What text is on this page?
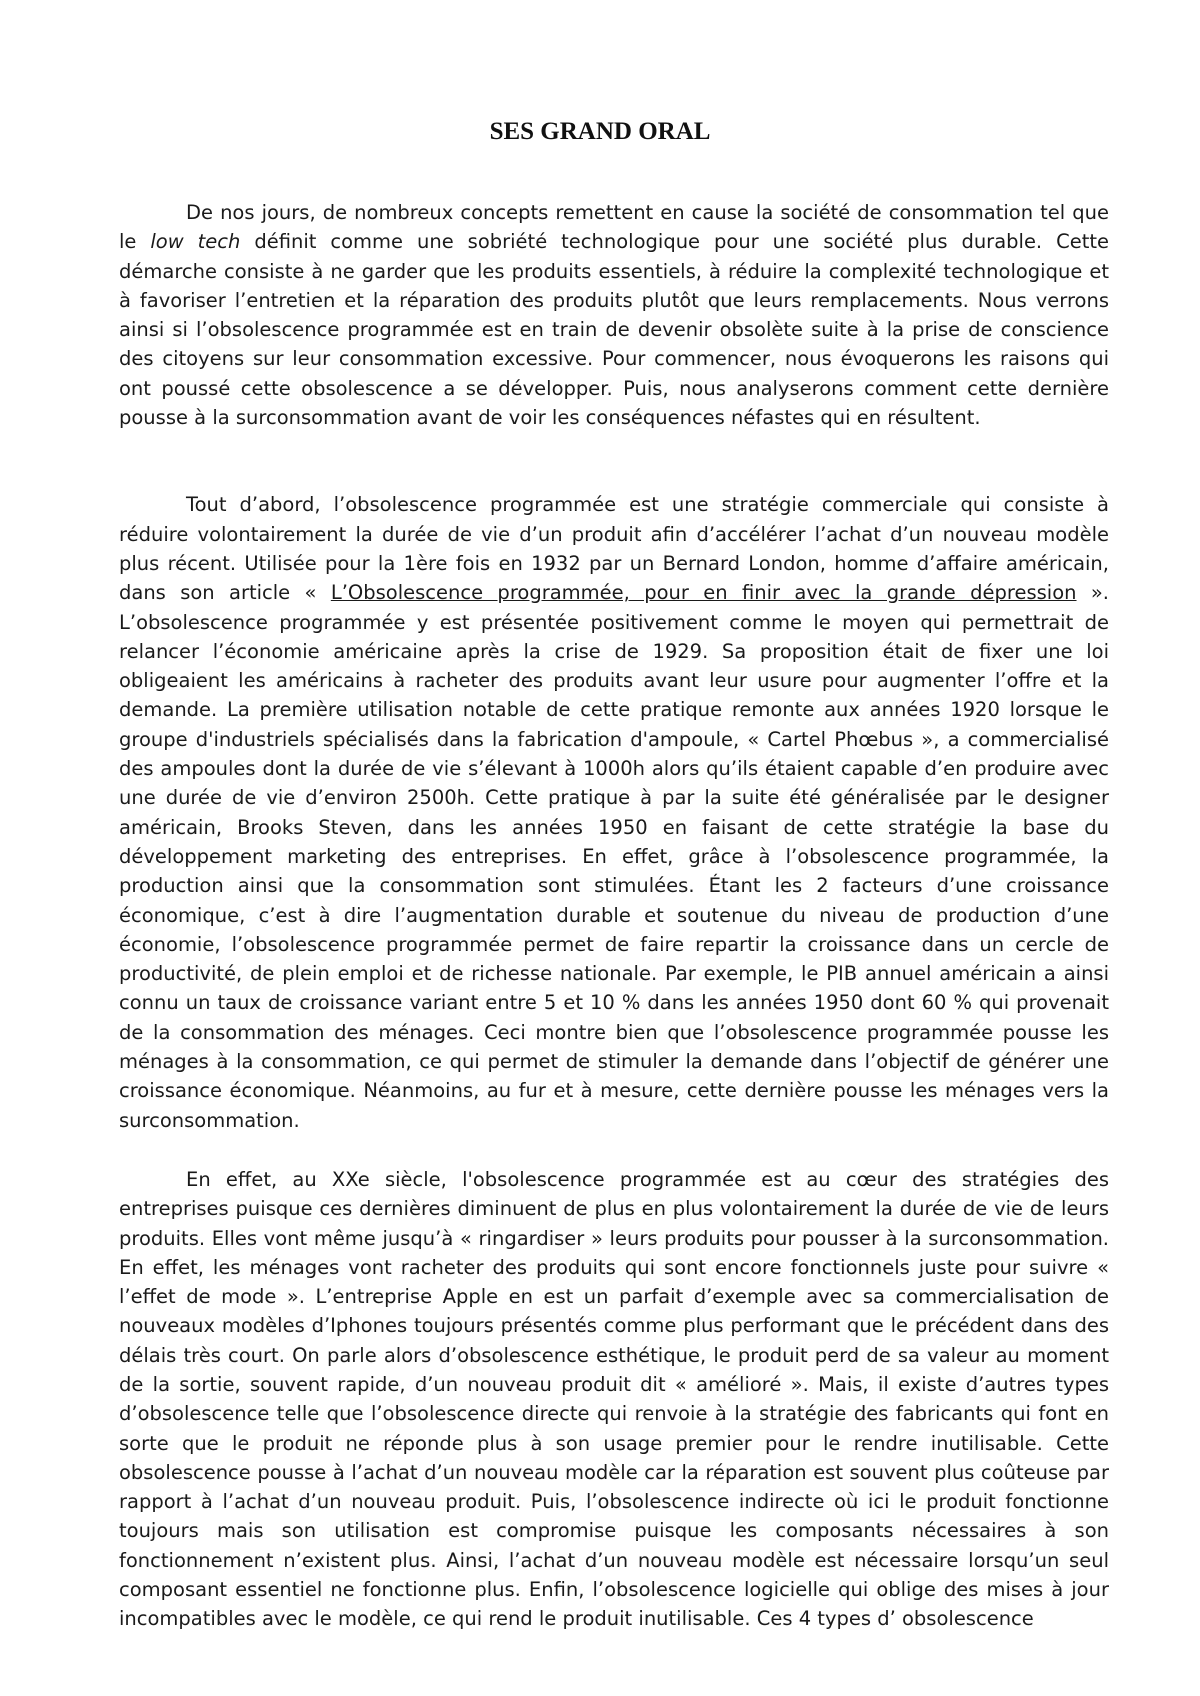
SES GRAND ORAL

De nos jours, de nombreux concepts remettent en cause la société de consommation tel que le low tech définit comme une sobriété technologique pour une société plus durable. Cette démarche consiste à ne garder que les produits essentiels, à réduire la complexité technologique et à favoriser l’entretien et la réparation des produits plutôt que leurs remplacements. Nous verrons ainsi si l’obsolescence programmée est en train de devenir obsolète suite à la prise de conscience des citoyens sur leur consommation excessive. Pour commencer, nous évoquerons les raisons qui ont poussé cette obsolescence a se développer. Puis, nous analyserons comment cette dernière pousse à la surconsommation avant de voir les conséquences néfastes qui en résultent.

Tout d’abord, l’obsolescence programmée est une stratégie commerciale qui consiste à réduire volontairement la durée de vie d’un produit afin d’accélérer l’achat d’un nouveau modèle plus récent. Utilisée pour la 1ère fois en 1932 par un Bernard London, homme d’affaire américain, dans son article « L’Obsolescence programmée, pour en finir avec la grande dépression ». L’obsolescence programmée y est présentée positivement comme le moyen qui permettrait de relancer l’économie américaine après la crise de 1929. Sa proposition était de fixer une loi obligeaient les américains à racheter des produits avant leur usure pour augmenter l’offre et la demande. La première utilisation notable de cette pratique remonte aux années 1920 lorsque le groupe d'industriels spécialisés dans la fabrication d'ampoule, « Cartel Phœbus », a commercialisé des ampoules dont la durée de vie s’élevant à 1000h alors qu’ils étaient capable d’en produire avec une durée de vie d’environ 2500h. Cette pratique à par la suite été généralisée par le designer américain, Brooks Steven, dans les années 1950 en faisant de cette stratégie la base du développement marketing des entreprises. En effet, grâce à l’obsolescence programmée, la production ainsi que la consommation sont stimulées. Étant les 2 facteurs d’une croissance économique, c’est à dire l’augmentation durable et soutenue du niveau de production d’une économie, l’obsolescence programmée permet de faire repartir la croissance dans un cercle de productivité, de plein emploi et de richesse nationale. Par exemple, le PIB annuel américain a ainsi connu un taux de croissance variant entre 5 et 10 % dans les années 1950 dont 60 % qui provenait de la consommation des ménages. Ceci montre bien que l’obsolescence programmée pousse les ménages à la consommation, ce qui permet de stimuler la demande dans l’objectif de générer une croissance économique. Néanmoins, au fur et à mesure, cette dernière pousse les ménages vers la surconsommation.

En effet, au XXe siècle, l'obsolescence programmée est au cœur des stratégies des entreprises puisque ces dernières diminuent de plus en plus volontairement la durée de vie de leurs produits. Elles vont même jusqu’à « ringardiser » leurs produits pour pousser à la surconsommation. En effet, les ménages vont racheter des produits qui sont encore fonctionnels juste pour suivre « l’effet de mode ». L’entreprise Apple en est un parfait d’exemple avec sa commercialisation de nouveaux modèles d’Iphones toujours présentés comme plus performant que le précédent dans des délais très court. On parle alors d’obsolescence esthétique, le produit perd de sa valeur au moment de la sortie, souvent rapide, d’un nouveau produit dit « amélioré ». Mais, il existe d’autres types d’obsolescence telle que l’obsolescence directe qui renvoie à la stratégie des fabricants qui font en sorte que le produit ne réponde plus à son usage premier pour le rendre inutilisable. Cette obsolescence pousse à l’achat d’un nouveau modèle car la réparation est souvent plus coûteuse par rapport à l’achat d’un nouveau produit. Puis, l’obsolescence indirecte où ici le produit fonctionne toujours mais son utilisation est compromise puisque les composants nécessaires à son fonctionnement n’existent plus. Ainsi, l’achat d’un nouveau modèle est nécessaire lorsqu’un seul composant essentiel ne fonctionne plus. Enfin, l’obsolescence logicielle qui oblige des mises à jour incompatibles avec le modèle, ce qui rend le produit inutilisable. Ces 4 types d’ obsolescence
